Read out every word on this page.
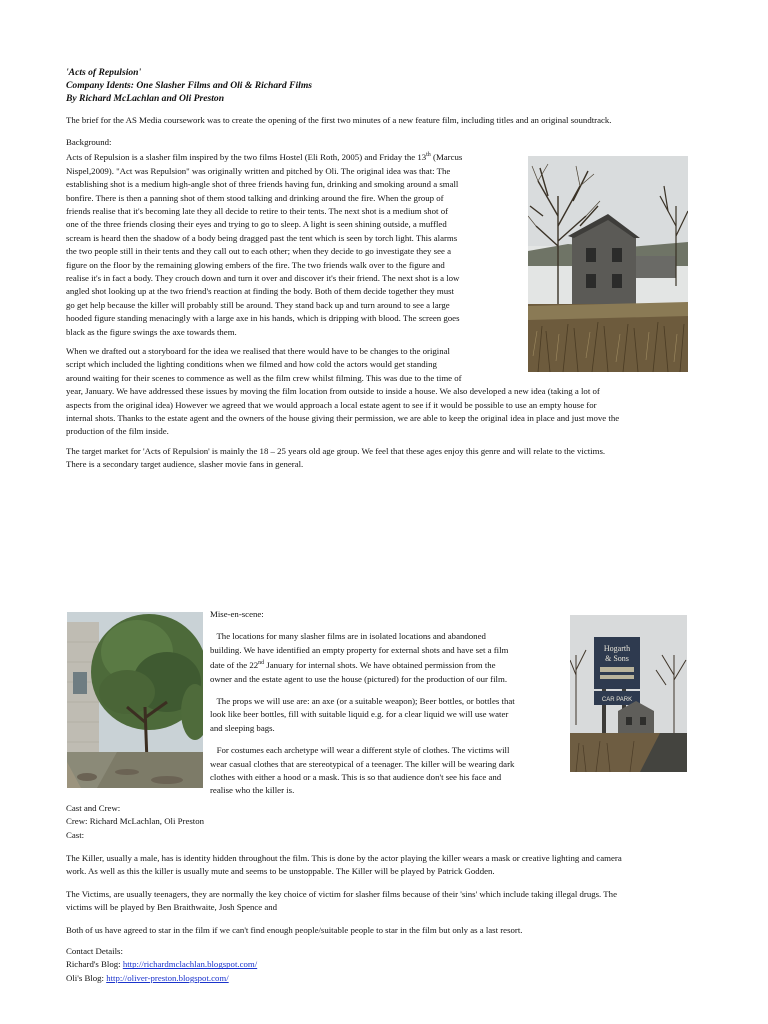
'Acts of Repulsion'
Company Idents: One Slasher Films and Oli & Richard Films
By Richard McLachlan and Oli Preston
The brief for the AS Media coursework was to create the opening of the first two minutes of a new feature film, including titles and an original soundtrack.

Background:

Acts of Repulsion is a slasher film inspired by the two films Hostel (Eli Roth, 2005) and Friday the 13th (Marcus

Nispel,2009). "Act was Repulsion" was originally written and pitched by Oli. The original idea was that: The

establishing shot is a medium high-angle shot of three friends having fun, drinking and smoking around a small

bonfire. There is then a panning shot of them stood talking and drinking around the fire. When the group of

friends realise that it's becoming late they all decide to retire to their tents. The next shot is a medium shot of

one of the three friends closing their eyes and trying to go to sleep. A light is seen shining outside, a muffled

scream is heard then the shadow of a body being dragged past the tent which is seen by torch light. This alarms

the two people still in their tents and they call out to each other; when they decide to go investigate they see a

figure on the floor by the remaining glowing embers of the fire. The two friends walk over to the figure and

realise it's in fact a body. They crouch down and turn it over and discover it's their friend. The next shot is a low

angled shot looking up at the two friend's reaction at finding the body. Both of them decide together they must

go get help because the killer will probably still be around. They stand back up and turn around to see a large

hooded figure standing menacingly with a large axe in his hands, which is dripping with blood. The screen goes

black as the figure swings the axe towards them.

When we drafted out a storyboard for the idea we realised that there would have to be changes to the original

script which included the lighting conditions when we filmed and how cold the actors would get standing

around waiting for their scenes to commence as well as the film crew whilst filming. This was due to the time of

year, January. We have addressed these issues by moving the film location from outside to inside a house. We also developed a new idea (taking a lot of

aspects from the original idea) However we agreed that we would approach a local estate agent to see if it would be possible to use an empty house for

internal shots. Thanks to the estate agent and the owners of the house giving their permission, we are able to keep the original idea in place and just move the

production of the film inside.

The target market for 'Acts of Repulsion' is mainly the 18 – 25 years old age group. We feel that these ages enjoy this genre and will relate to the victims.

There is a secondary target audience, slasher movie fans in general.

Mise-en-scene:

The locations for many slasher films are in isolated locations and abandoned

building. We have identified an empty property for external shots and have set a film

date of the 22nd January for internal shots. We have obtained permission from the

owner and the estate agent to use the house (pictured) for the production of our film.

The props we will use are: an axe (or a suitable weapon); Beer bottles, or bottles that

look like beer bottles, fill with suitable liquid e.g. for a clear liquid we will use water

and sleeping bags.

For costumes each archetype will wear a different style of clothes. The victims will

wear casual clothes that are stereotypical of a teenager. The killer will be wearing dark

clothes with either a hood or a mask. This is so that audience don't see his face and

realise who the killer is.

Hogarth
& Sons
CAR PARK

Cast and Crew:

Crew: Richard McLachlan, Oli Preston

Cast:

The Killer, usually a male, has is identity hidden throughout the film. This is done by the actor playing the killer wears a mask or creative lighting and camera

work. As well as this the killer is usually mute and seems to be unstoppable. The Killer will be played by Patrick Godden.

The Victims, are usually teenagers, they are normally the key choice of victim for slasher films because of their 'sins' which include taking illegal drugs. The

victims will be played by Ben Braithwaite, Josh Spence and

Both of us have agreed to star in the film if we can't find enough people/suitable people to star in the film but only as a last resort.

Contact Details:

Richard's Blog: http://richardmclachlan.blogspot.com/

Oli's Blog: http://oliver-preston.blogspot.com/
